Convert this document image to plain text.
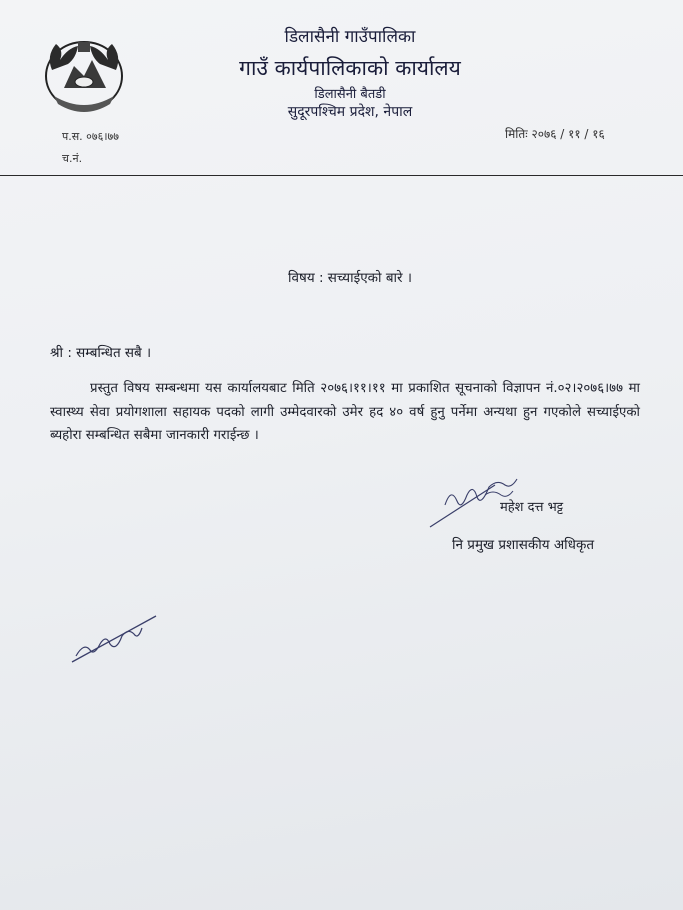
डिलासैनी गाउँपालिका
गाउँ कार्यपालिकाको कार्यालय
डिलासैनी बैतडी
सुदूरपश्चिम प्रदेश, नेपाल
प.स. ०७६।७७
च.नं.
मितिः २०७६ / ११ / १६
विषय : सच्याईएको बारे ।
श्री : सम्बन्धित सबै ।
प्रस्तुत विषय सम्बन्धमा यस कार्यालयबाट मिति २०७६।११।११ मा प्रकाशित सूचनाको विज्ञापन नं.०२।२०७६।७७ मा स्वास्थ्य सेवा प्रयोगशाला सहायक पदको लागी उम्मेदवारको उमेर हद ४० वर्ष हुनु पर्नेमा अन्यथा हुन गएकोले सच्याईएको ब्यहोरा सम्बन्धित सबैमा जानकारी गराईन्छ ।
महेश दत्त भट्ट
नि प्रमुख प्रशासकीय अधिकृत
